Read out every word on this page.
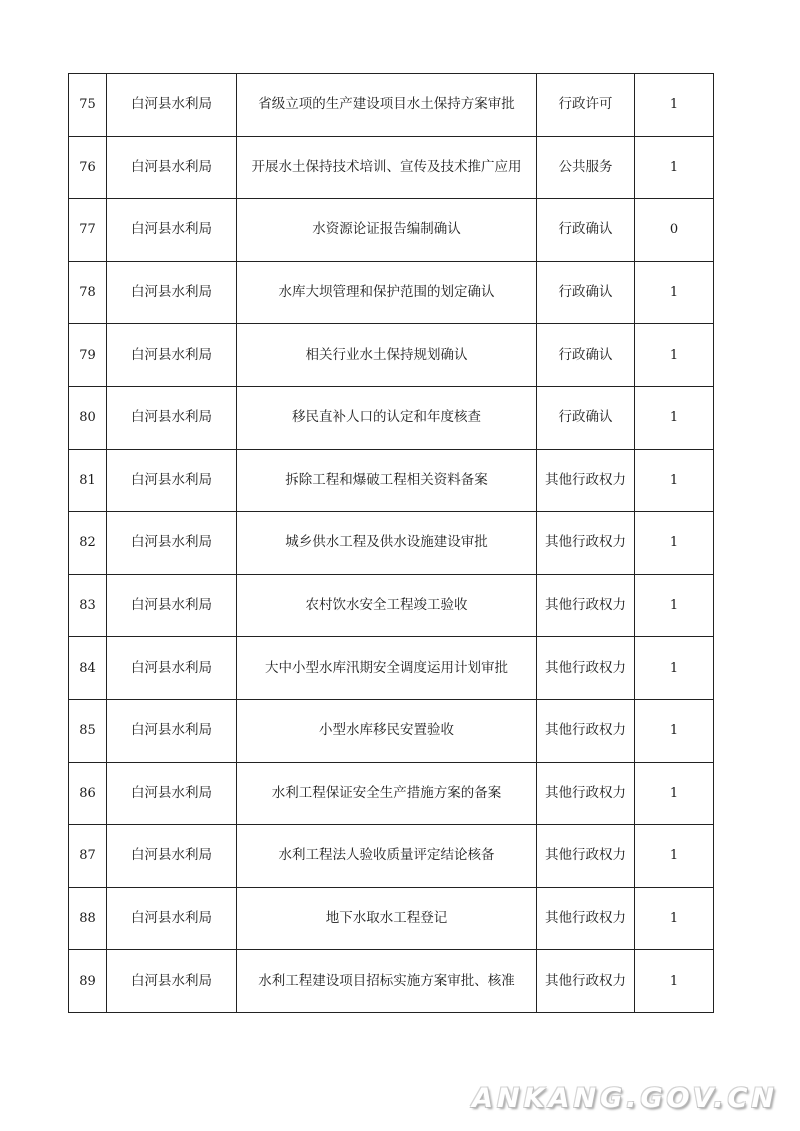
75	白河县水利局	省级立项的生产建设项目水土保持方案审批	行政许可	1
76	白河县水利局	开展水土保持技术培训、宣传及技术推广应用	公共服务	1
77	白河县水利局	水资源论证报告编制确认	行政确认	0
78	白河县水利局	水库大坝管理和保护范围的划定确认	行政确认	1
79	白河县水利局	相关行业水土保持规划确认	行政确认	1
80	白河县水利局	移民直补人口的认定和年度核查	行政确认	1
81	白河县水利局	拆除工程和爆破工程相关资料备案	其他行政权力	1
82	白河县水利局	城乡供水工程及供水设施建设审批	其他行政权力	1
83	白河县水利局	农村饮水安全工程竣工验收	其他行政权力	1
84	白河县水利局	大中小型水库汛期安全调度运用计划审批	其他行政权力	1
85	白河县水利局	小型水库移民安置验收	其他行政权力	1
86	白河县水利局	水利工程保证安全生产措施方案的备案	其他行政权力	1
87	白河县水利局	水利工程法人验收质量评定结论核备	其他行政权力	1
88	白河县水利局	地下水取水工程登记	其他行政权力	1
89	白河县水利局	水利工程建设项目招标实施方案审批、核准	其他行政权力	1
ANKANG.GOV.CN
